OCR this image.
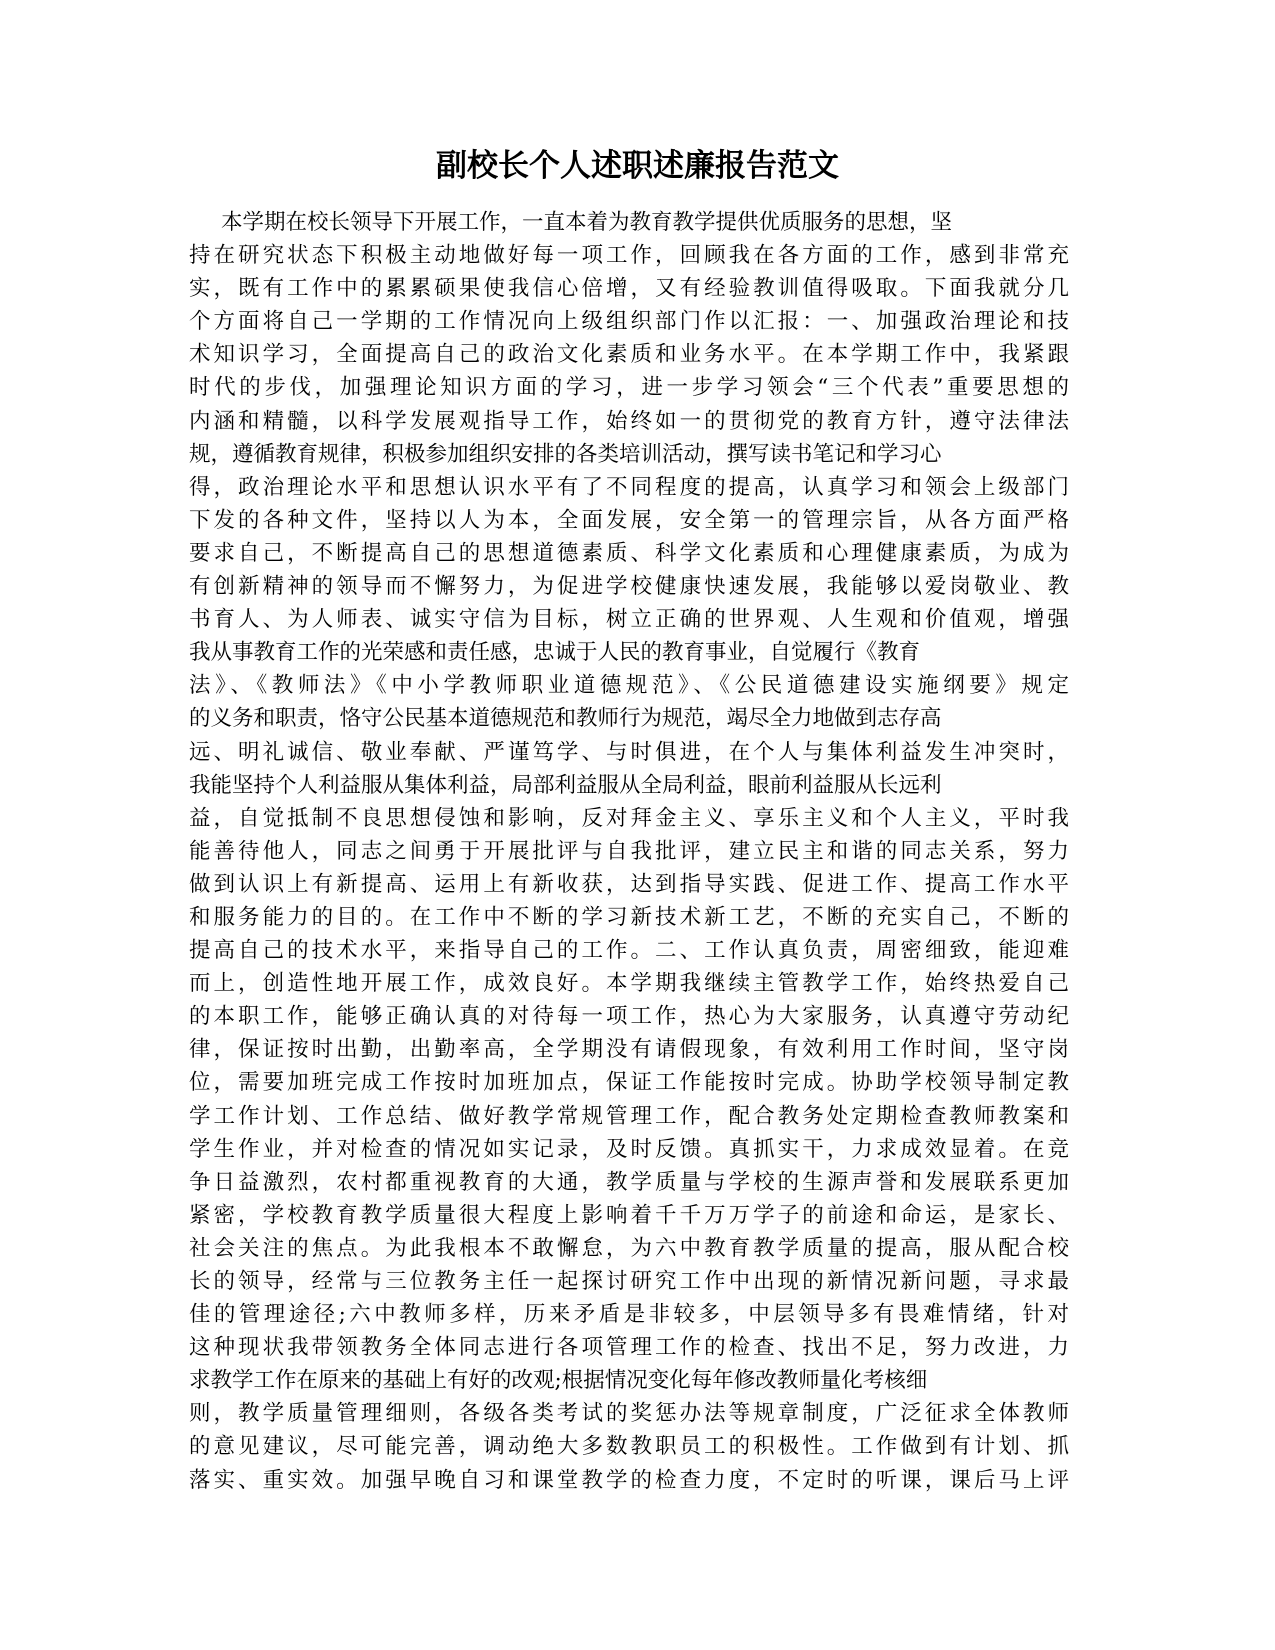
副校长个人述职述廉报告范文
本学期在校长领导下开展工作，一直本着为教育教学提供优质服务的思想，坚
持在研究状态下积极主动地做好每一项工作，回顾我在各方面的工作，感到非常充
实，既有工作中的累累硕果使我信心倍增，又有经验教训值得吸取。下面我就分几
个方面将自己一学期的工作情况向上级组织部门作以汇报：一、加强政治理论和技
术知识学习，全面提高自己的政治文化素质和业务水平。在本学期工作中，我紧跟
时代的步伐，加强理论知识方面的学习，进一步学习领会“三个代表”重要思想的
内涵和精髓，以科学发展观指导工作，始终如一的贯彻党的教育方针，遵守法律法
规，遵循教育规律，积极参加组织安排的各类培训活动，撰写读书笔记和学习心
得，政治理论水平和思想认识水平有了不同程度的提高，认真学习和领会上级部门
下发的各种文件，坚持以人为本，全面发展，安全第一的管理宗旨，从各方面严格
要求自己，不断提高自己的思想道德素质、科学文化素质和心理健康素质，为成为
有创新精神的领导而不懈努力，为促进学校健康快速发展，我能够以爱岗敬业、教
书育人、为人师表、诚实守信为目标，树立正确的世界观、人生观和价值观，增强
我从事教育工作的光荣感和责任感，忠诚于人民的教育事业，自觉履行《教育
法》、《教师法》《中小学教师职业道德规范》、《公民道德建设实施纲要》规定
的义务和职责，恪守公民基本道德规范和教师行为规范，竭尽全力地做到志存高
远、明礼诚信、敬业奉献、严谨笃学、与时俱进，在个人与集体利益发生冲突时，
我能坚持个人利益服从集体利益，局部利益服从全局利益，眼前利益服从长远利
益，自觉抵制不良思想侵蚀和影响，反对拜金主义、享乐主义和个人主义，平时我
能善待他人，同志之间勇于开展批评与自我批评，建立民主和谐的同志关系，努力
做到认识上有新提高、运用上有新收获，达到指导实践、促进工作、提高工作水平
和服务能力的目的。在工作中不断的学习新技术新工艺，不断的充实自己，不断的
提高自己的技术水平，来指导自己的工作。二、工作认真负责，周密细致，能迎难
而上，创造性地开展工作，成效良好。本学期我继续主管教学工作，始终热爱自己
的本职工作，能够正确认真的对待每一项工作，热心为大家服务，认真遵守劳动纪
律，保证按时出勤，出勤率高，全学期没有请假现象，有效利用工作时间，坚守岗
位，需要加班完成工作按时加班加点，保证工作能按时完成。协助学校领导制定教
学工作计划、工作总结、做好教学常规管理工作，配合教务处定期检查教师教案和
学生作业，并对检查的情况如实记录，及时反馈。真抓实干，力求成效显着。在竞
争日益激烈，农村都重视教育的大通，教学质量与学校的生源声誉和发展联系更加
紧密，学校教育教学质量很大程度上影响着千千万万学子的前途和命运，是家长、
社会关注的焦点。为此我根本不敢懈怠，为六中教育教学质量的提高，服从配合校
长的领导，经常与三位教务主任一起探讨研究工作中出现的新情况新问题，寻求最
佳的管理途径;六中教师多样，历来矛盾是非较多，中层领导多有畏难情绪，针对
这种现状我带领教务全体同志进行各项管理工作的检查、找出不足，努力改进，力
求教学工作在原来的基础上有好的改观;根据情况变化每年修改教师量化考核细
则，教学质量管理细则，各级各类考试的奖惩办法等规章制度，广泛征求全体教师
的意见建议，尽可能完善，调动绝大多数教职员工的积极性。工作做到有计划、抓
落实、重实效。加强早晚自习和课堂教学的检查力度，不定时的听课，课后马上评
